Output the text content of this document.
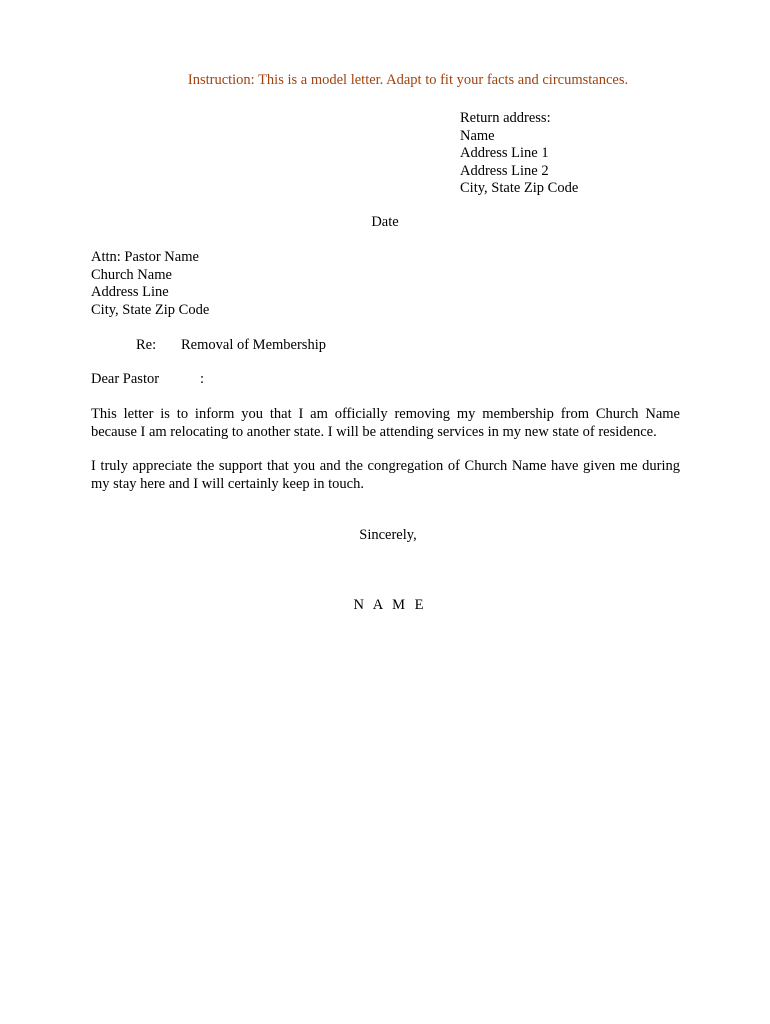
Instruction: This is a model letter. Adapt to fit your facts and circumstances.
Return address:
Name
Address Line 1
Address Line 2
City, State Zip Code
Date
Attn: Pastor Name
Church Name
Address Line
City, State Zip Code
Re: Removal of Membership
Dear Pastor	:
This letter is to inform you that I am officially removing my membership from Church Name because I am relocating to another state. I will be attending services in my new state of residence.
I truly appreciate the support that you and the congregation of Church Name have given me during my stay here and I will certainly keep in touch.
Sincerely,
N A M E
